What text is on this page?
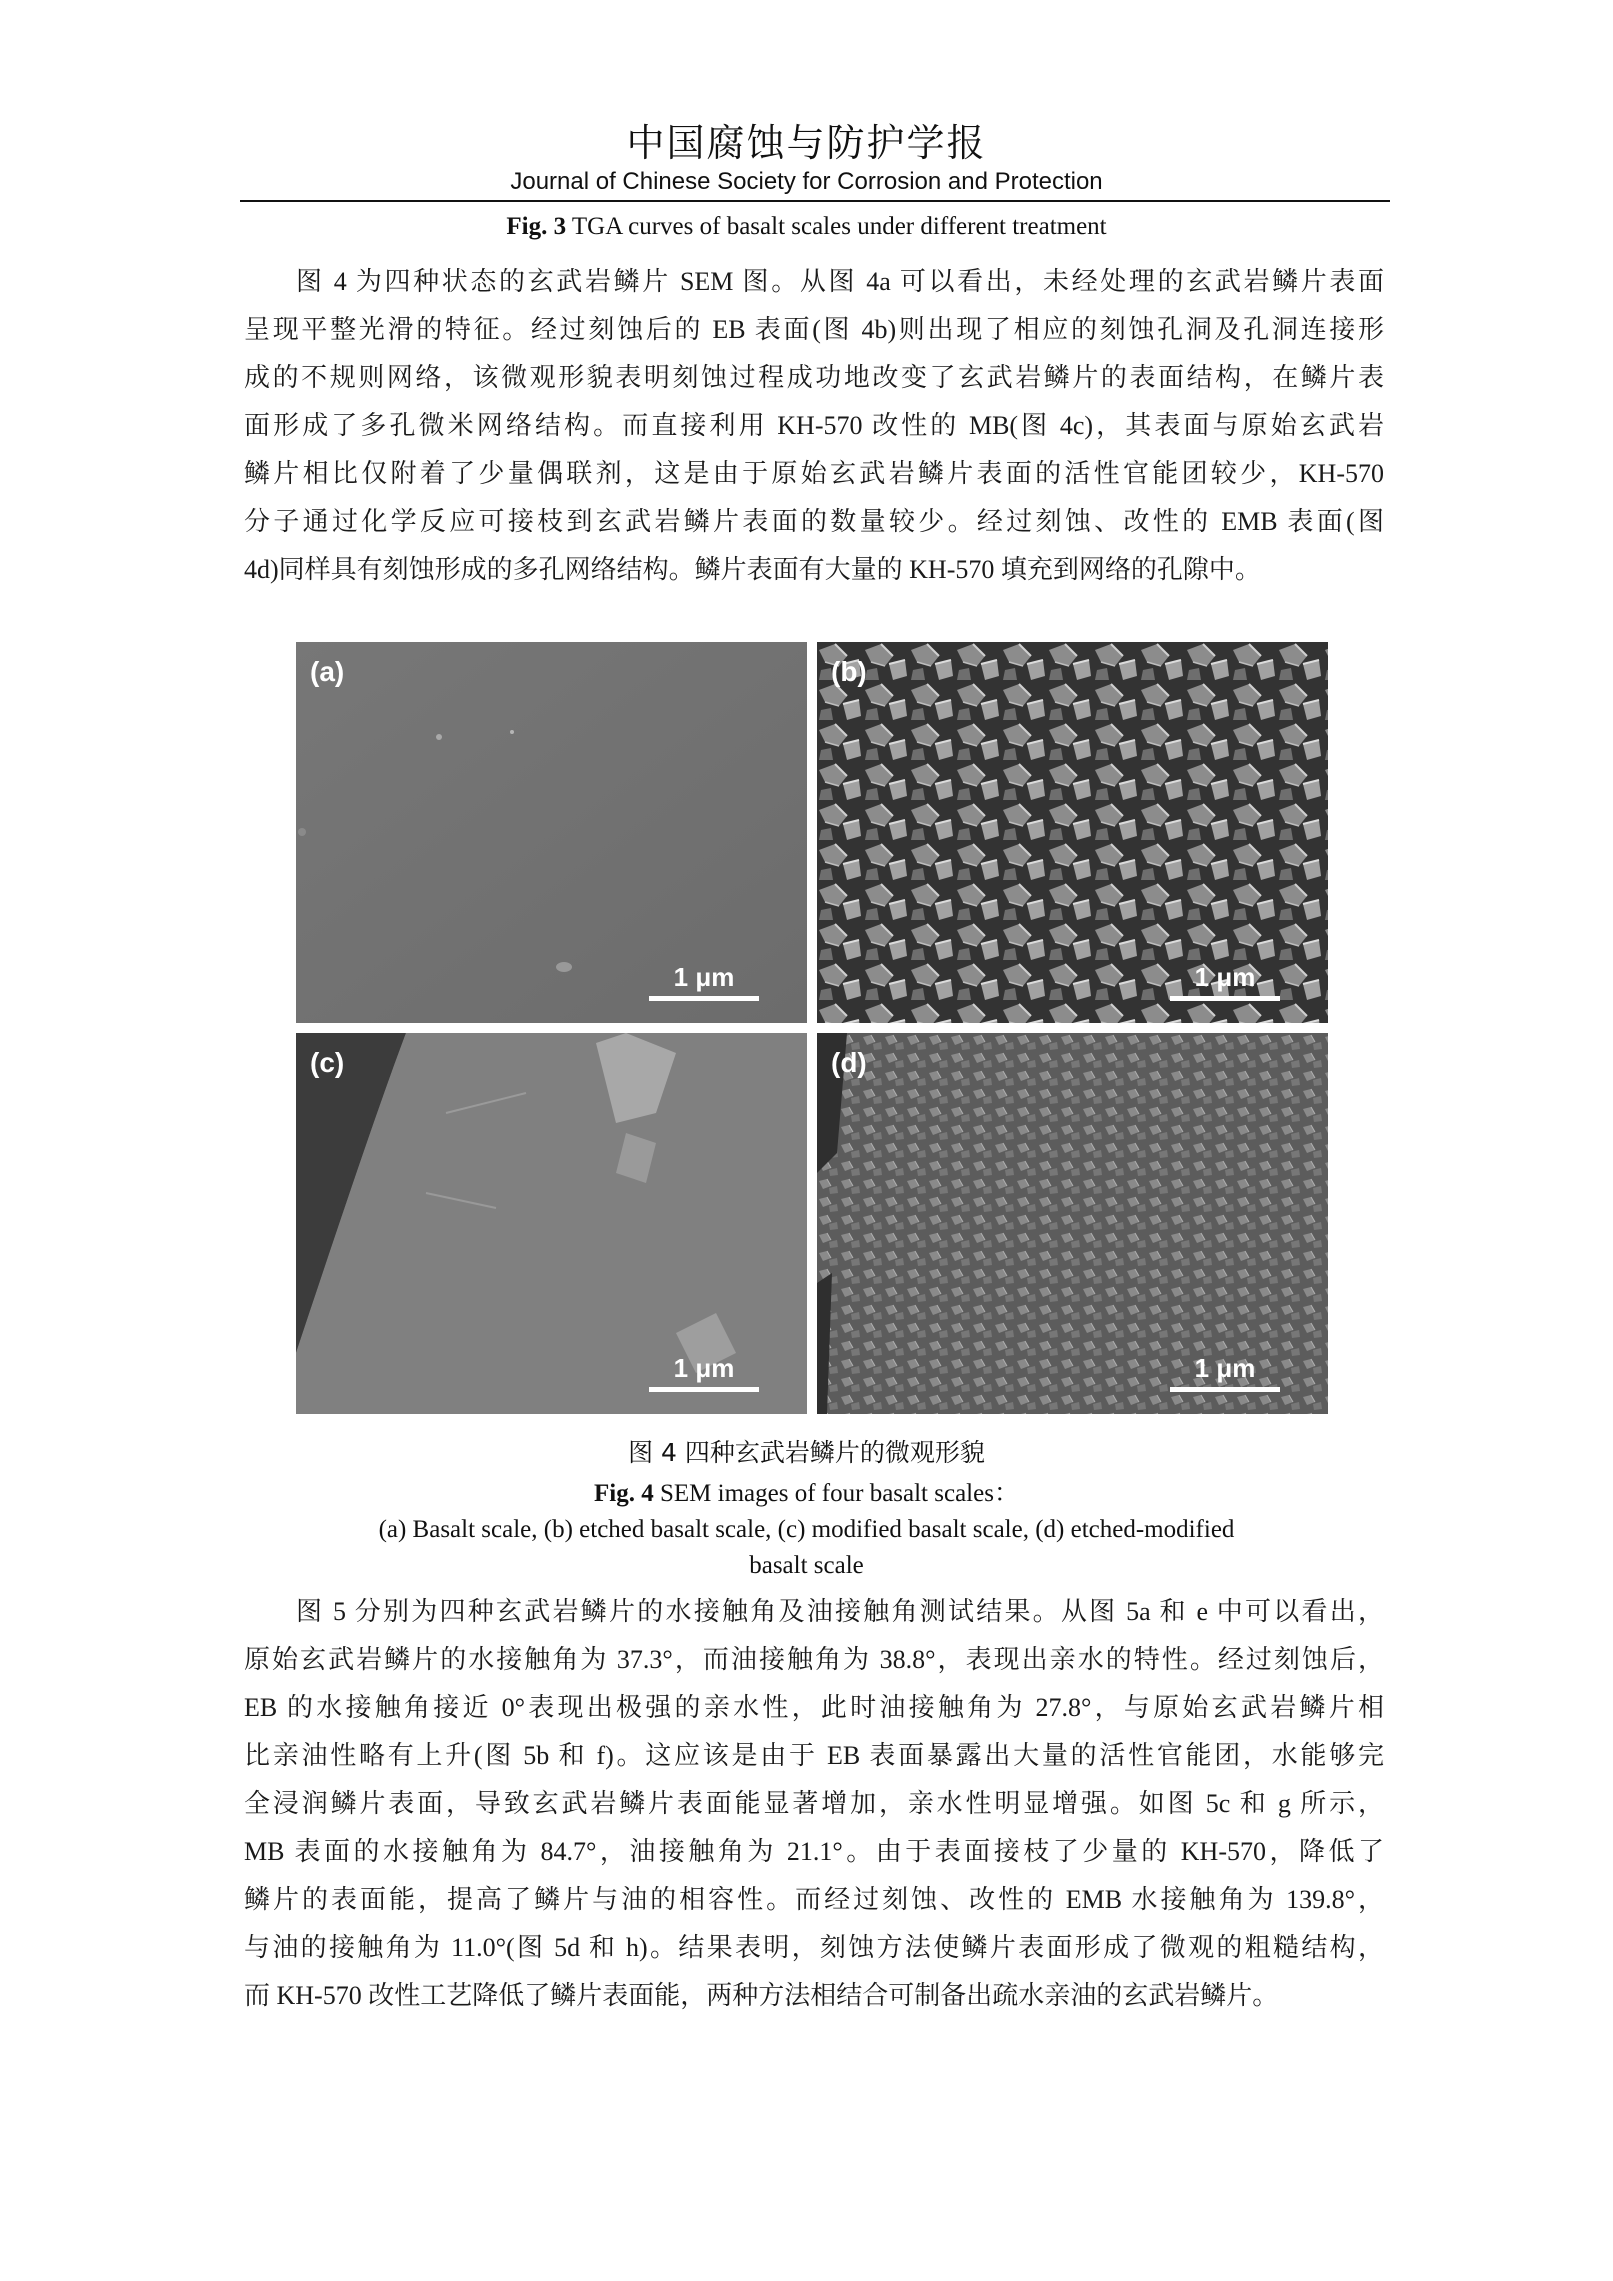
中国腐蚀与防护学报
Journal of Chinese Society for Corrosion and Protection
Fig. 3 TGA curves of basalt scales under different treatment
图 4 为四种状态的玄武岩鳞片 SEM 图。从图 4a 可以看出，未经处理的玄武岩鳞片表面
呈现平整光滑的特征。经过刻蚀后的 EB 表面(图 4b)则出现了相应的刻蚀孔洞及孔洞连接形
成的不规则网络，该微观形貌表明刻蚀过程成功地改变了玄武岩鳞片的表面结构，在鳞片表
面形成了多孔微米网络结构。而直接利用 KH-570 改性的 MB(图 4c)，其表面与原始玄武岩
鳞片相比仅附着了少量偶联剂，这是由于原始玄武岩鳞片表面的活性官能团较少，KH-570
分子通过化学反应可接枝到玄武岩鳞片表面的数量较少。经过刻蚀、改性的 EMB 表面(图
4d)同样具有刻蚀形成的多孔网络结构。鳞片表面有大量的 KH-570 填充到网络的孔隙中。
(a)
1 μm
(b)
1 μm
(c)
1 μm
(d)
1 μm
图 4 四种玄武岩鳞片的微观形貌
Fig. 4 SEM images of four basalt scales：
(a) Basalt scale, (b) etched basalt scale, (c) modified basalt scale, (d) etched-modified
basalt scale
图 5 分别为四种玄武岩鳞片的水接触角及油接触角测试结果。从图 5a 和 e 中可以看出，
原始玄武岩鳞片的水接触角为 37.3°，而油接触角为 38.8°，表现出亲水的特性。经过刻蚀后，
EB 的水接触角接近 0°表现出极强的亲水性，此时油接触角为 27.8°，与原始玄武岩鳞片相
比亲油性略有上升(图 5b 和 f)。这应该是由于 EB 表面暴露出大量的活性官能团，水能够完
全浸润鳞片表面，导致玄武岩鳞片表面能显著增加，亲水性明显增强。如图 5c 和 g 所示，
MB 表面的水接触角为 84.7°，油接触角为 21.1°。由于表面接枝了少量的 KH-570，降低了
鳞片的表面能，提高了鳞片与油的相容性。而经过刻蚀、改性的 EMB 水接触角为 139.8°，
与油的接触角为 11.0°(图 5d 和 h)。结果表明，刻蚀方法使鳞片表面形成了微观的粗糙结构，
而 KH-570 改性工艺降低了鳞片表面能，两种方法相结合可制备出疏水亲油的玄武岩鳞片。
